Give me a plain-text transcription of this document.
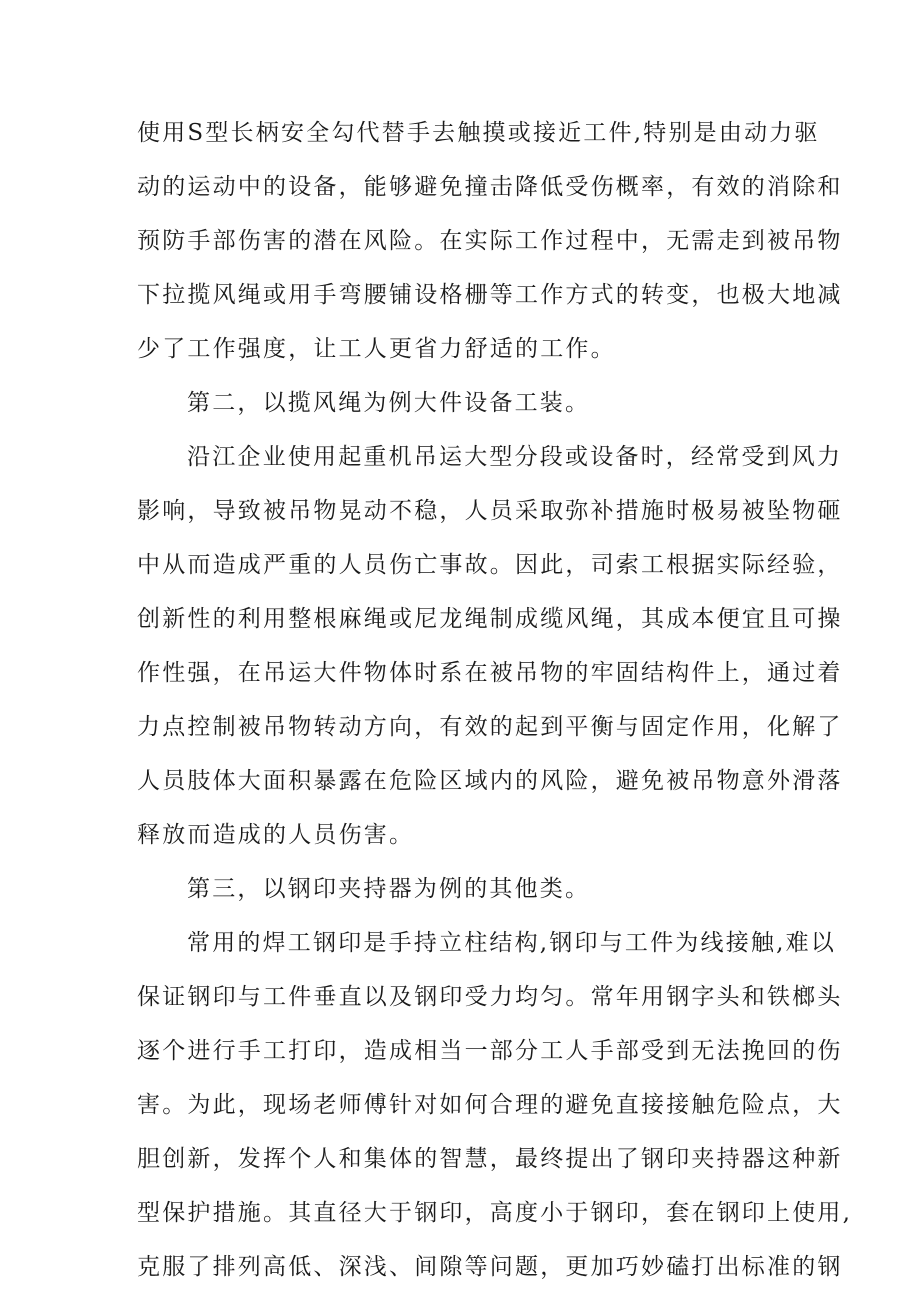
使用S型长柄安全勾代替手去触摸或接近工件,特别是由动力驱
动的运动中的设备，能够避免撞击降低受伤概率，有效的消除和
预防手部伤害的潜在风险。在实际工作过程中，无需走到被吊物
下拉揽风绳或用手弯腰铺设格栅等工作方式的转变，也极大地减
少了工作强度，让工人更省力舒适的工作。
第二，以揽风绳为例大件设备工装。
沿江企业使用起重机吊运大型分段或设备时，经常受到风力
影响，导致被吊物晃动不稳，人员采取弥补措施时极易被坠物砸
中从而造成严重的人员伤亡事故。因此，司索工根据实际经验，
创新性的利用整根麻绳或尼龙绳制成缆风绳，其成本便宜且可操
作性强，在吊运大件物体时系在被吊物的牢固结构件上，通过着
力点控制被吊物转动方向，有效的起到平衡与固定作用，化解了
人员肢体大面积暴露在危险区域内的风险，避免被吊物意外滑落
释放而造成的人员伤害。
第三，以钢印夹持器为例的其他类。
常用的焊工钢印是手持立柱结构,钢印与工件为线接触,难以
保证钢印与工件垂直以及钢印受力均匀。常年用钢字头和铁榔头
逐个进行手工打印，造成相当一部分工人手部受到无法挽回的伤
害。为此，现场老师傅针对如何合理的避免直接接触危险点，大
胆创新，发挥个人和集体的智慧，最终提出了钢印夹持器这种新
型保护措施。其直径大于钢印，高度小于钢印，套在钢印上使用,
克服了排列高低、深浅、间隙等问题，更加巧妙磕打出标准的钢
